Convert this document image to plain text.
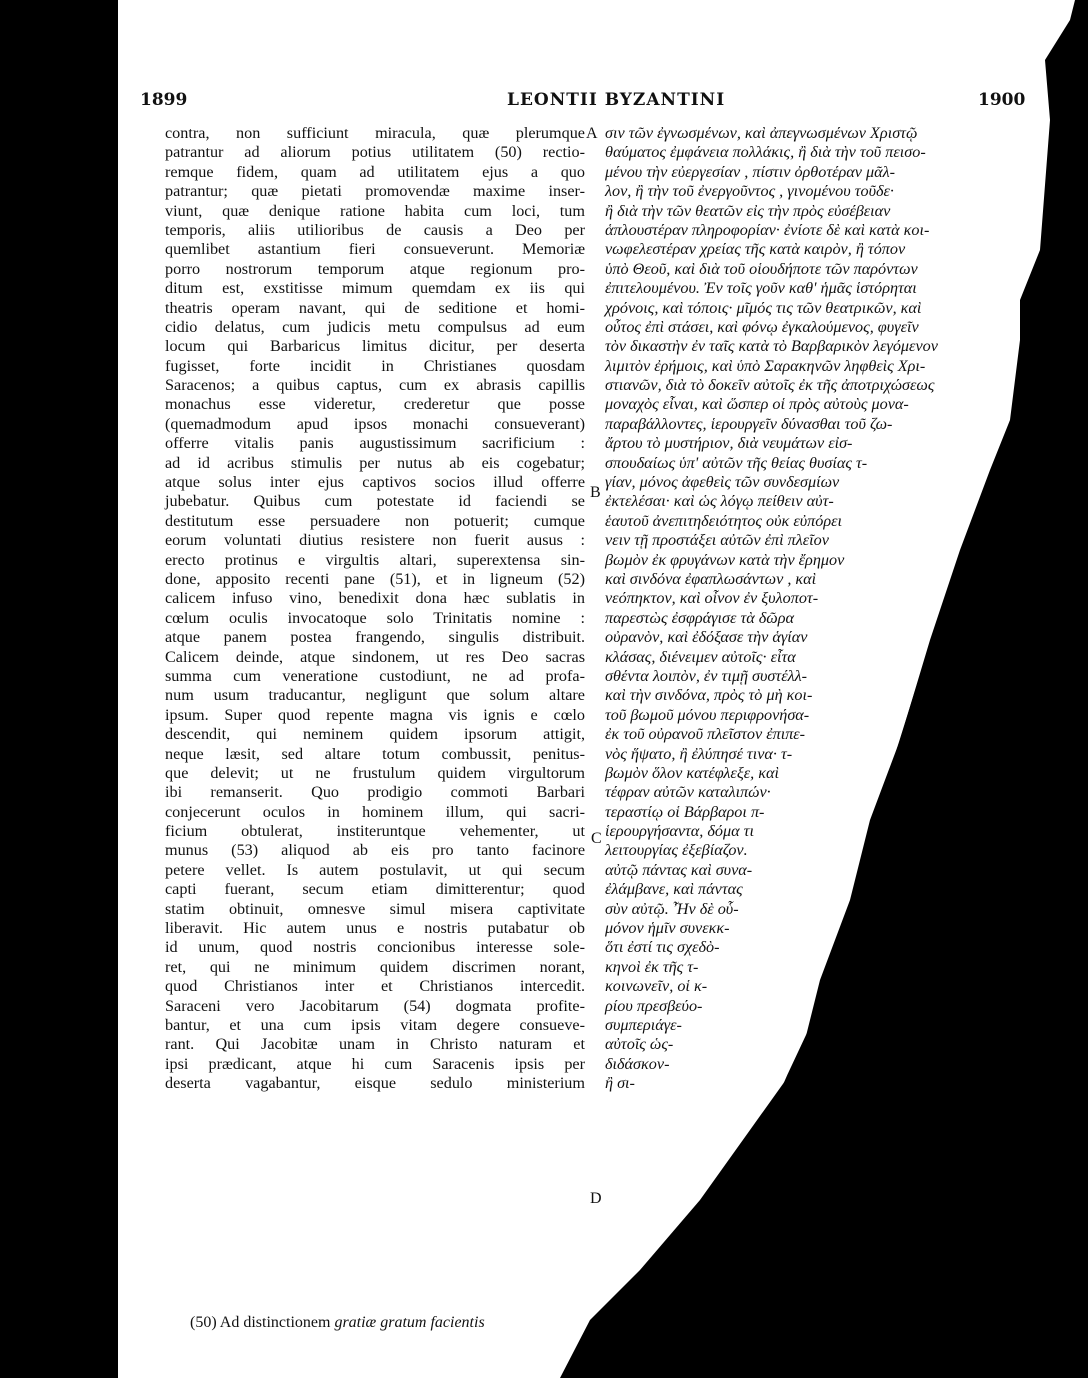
1899	LEONTII BYZANTINI	1900
A
B
C
D
contra, non sufficiunt miracula, quæ plerumque
patrantur ad aliorum potius utilitatem (50) rectio-
remque fidem, quam ad utilitatem ejus a quo
patrantur; quæ pietati promovendæ maxime inser-
viunt, quæ denique ratione habita cum loci, tum
temporis, aliis utilioribus de causis a Deo per
quemlibet astantium fieri consueverunt. Memoriæ
porro nostrorum temporum atque regionum pro-
ditum est, exstitisse mimum quemdam ex iis qui
theatris operam navant, qui de seditione et homi-
cidio delatus, cum judicis metu compulsus ad eum
locum qui Barbaricus limitus dicitur, per deserta
fugisset, forte incidit in Christianes quosdam
Saracenos; a quibus captus, cum ex abrasis capillis
monachus esse videretur, crederetur que posse
(quemadmodum apud ipsos monachi consueverant)
offerre vitalis panis augustissimum sacrificium :
ad id acribus stimulis per nutus ab eis cogebatur;
atque solus inter ejus captivos socios illud offerre
jubebatur. Quibus cum potestate id faciendi se
destitutum esse persuadere non potuerit; cumque
eorum voluntati diutius resistere non fuerit ausus :
erecto protinus e virgultis altari, superextensa sin-
done, apposito recenti pane (51), et in ligneum (52)
calicem infuso vino, benedixit dona hæc sublatis in
cœlum oculis invocatoque solo Trinitatis nomine :
atque panem postea frangendo, singulis distribuit.
Calicem deinde, atque sindonem, ut res Deo sacras
summa cum veneratione custodiunt, ne ad profa-
num usum traducantur, negligunt que solum altare
ipsum. Super quod repente magna vis ignis e cœlo
descendit, qui neminem quidem ipsorum attigit,
neque læsit, sed altare totum combussit, penitus-
que delevit; ut ne frustulum quidem virgultorum
ibi remanserit. Quo prodigio commoti Barbari
conjecerunt oculos in hominem illum, qui sacri-
ficium obtulerat, institeruntque vehementer, ut
munus (53) aliquod ab eis pro tanto facinore
petere vellet. Is autem postulavit, ut qui secum
capti fuerant, secum etiam dimitterentur; quod
statim obtinuit, omnesve simul misera captivitate
liberavit. Hic autem unus e nostris putabatur ob
id unum, quod nostris concionibus interesse sole-
ret, qui ne minimum quidem discrimen norant,
quod Christianos inter et Christianos intercedit.
Saraceni vero Jacobitarum (54) dogmata profite-
bantur, et una cum ipsis vitam degere consueve-
rant. Qui Jacobitæ unam in Christo naturam et
ipsi prædicant, atque hi cum Saracenis ipsis per
deserta vagabantur, eisque sedulo ministerium
σιν τῶν ἐγνωσμένων, καὶ ἀπεγνωσμένων Χριστῷ
θαύματος ἐμφάνεια πολλάκις, ἢ διὰ τὴν τοῦ πεισο-
μένου τὴν εὐεργεσίαν , πίστιν ὀρθοτέραν μᾶλ-
λον, ἢ τὴν τοῦ ἐνεργοῦντος , γινομένου τοῦδε·
ἢ διὰ τὴν τῶν θεατῶν εἰς τὴν πρὸς εὐσέβειαν
ἁπλουστέραν πληροφορίαν· ἐνίοτε δὲ καὶ κατὰ κοι-
νωφελεστέραν χρείας τῆς κατὰ καιρὸν, ἢ τόπον
ὑπὸ Θεοῦ, καὶ διὰ τοῦ οἱουδήποτε τῶν παρόντων
ἐπιτελουμένου. Ἐν τοῖς γοῦν καθ' ἡμᾶς ἱστόρηται
χρόνοις, καὶ τόποις· μῖμός τις τῶν θεατρικῶν, καὶ
οὗτος ἐπὶ στάσει, καὶ φόνῳ ἐγκαλούμενος, φυγεῖν
τὸν δικαστὴν ἐν ταῖς κατὰ τὸ Βαρβαρικὸν λεγόμενον
λιμιτὸν ἐρήμοις, καὶ ὑπὸ Σαρακηνῶν ληφθεὶς Χρι-
στιανῶν, διὰ τὸ δοκεῖν αὐτοῖς ἐκ τῆς ἀποτριχώσεως
μοναχὸς εἶναι, καὶ ὥσπερ οἱ πρὸς αὐτοὺς μονα-
παραβάλλοντες, ἱερουργεῖν δύνασθαι τοῦ ζω-
ἄρτου τὸ μυστήριον, διὰ νευμάτων εἰσ-
σπουδαίως ὑπ' αὐτῶν τῆς θείας θυσίας τ-
γίαν, μόνος ἀφεθεὶς τῶν συνδεσμίων
ἐκτελέσαι· καὶ ὡς λόγῳ πείθειν αὐτ-
ἑαυτοῦ ἀνεπιτηδειότητος οὐκ εὐπόρει
νειν τῇ προστάξει αὐτῶν ἐπὶ πλεῖον
βωμὸν ἐκ φρυγάνων κατὰ τὴν ἔρημον
καὶ σινδόνα ἐφαπλωσάντων , καὶ
νεόπηκτον, καὶ οἶνον ἐν ξυλοποτ-
παρεστὼς ἐσφράγισε τὰ δῶρα
οὐρανὸν, καὶ ἐδόξασε τὴν ἁγίαν
κλάσας, διένειμεν αὐτοῖς· εἶτα
σθέντα λοιπὸν, ἐν τιμῇ συστέλλ-
καὶ τὴν σινδόνα, πρὸς τὸ μὴ κοι-
τοῦ βωμοῦ μόνου περιφρονήσα-
ἐκ τοῦ οὐρανοῦ πλεῖστον ἐπιπε-
νὸς ἥψατο, ἢ ἐλύπησέ τινα· τ-
βωμὸν ὅλον κατέφλεξε, καὶ
τέφραν αὐτῶν καταλιπών·
τεραστίῳ οἱ Βάρβαροι π-
ἱερουργήσαντα, δόμα τι
λειτουργίας ἐξεβίαζον.
αὐτῷ πάντας καὶ συνα-
ἐλάμβανε, καὶ πάντας
σὺν αὐτῷ. Ἦν δὲ οὗ-
μόνον ἡμῖν συνεκκ-
ὅτι ἐστί τις σχεδὸ-
κηνοὶ ἐκ τῆς τ-
κοινωνεῖν, οἱ κ-
ρίου πρεσβεύο-
συμπεριάγε-
αὐτοῖς ὡς-
διδάσκον-
ἢ σι-
(50) Ad distinctionem gratiæ gratum facientis
